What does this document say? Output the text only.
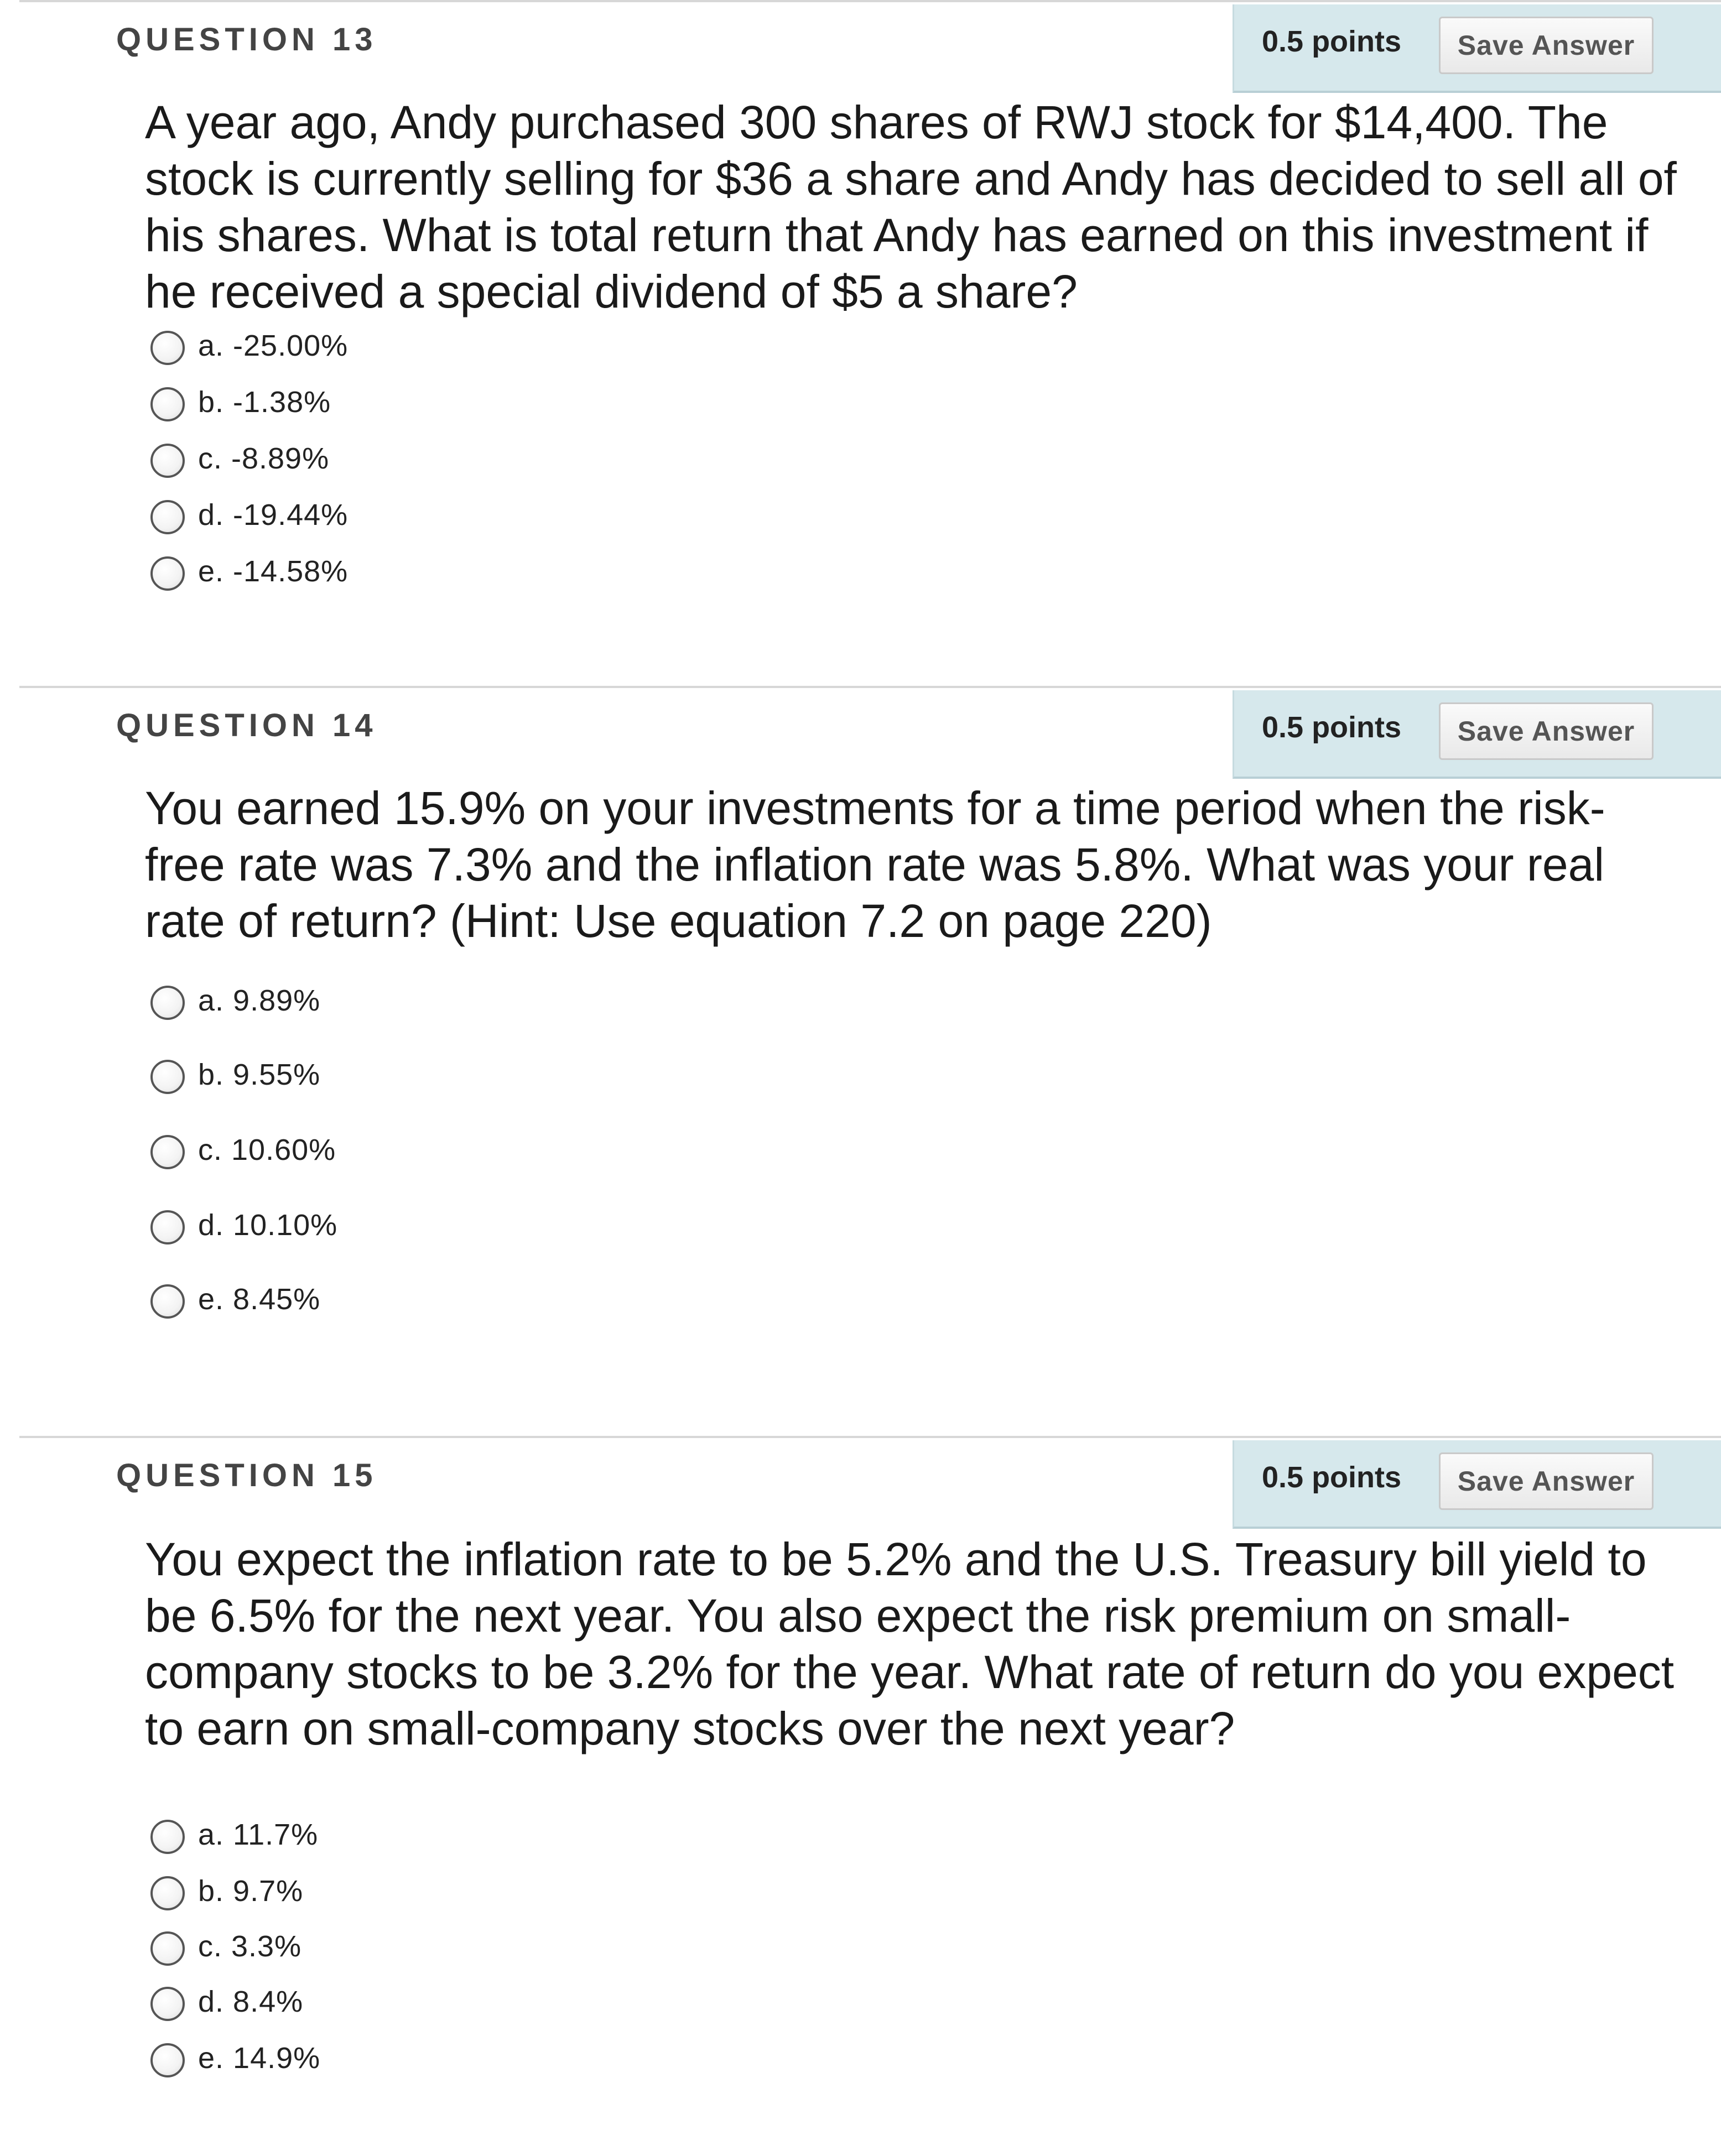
QUESTION 13	0.5 points	Save Answer

A year ago, Andy purchased 300 shares of RWJ stock for $14,400. The stock is currently selling for $36 a share and Andy has decided to sell all of his shares. What is total return that Andy has earned on this investment if he received a special dividend of $5 a share?

a. -25.00%
b. -1.38%
c. -8.89%
d. -19.44%
e. -14.58%
QUESTION 14	0.5 points	Save Answer

You earned 15.9% on your investments for a time period when the risk-free rate was 7.3% and the inflation rate was 5.8%. What was your real rate of return? (Hint: Use equation 7.2 on page 220)

a. 9.89%
b. 9.55%
c. 10.60%
d. 10.10%
e. 8.45%
QUESTION 15	0.5 points	Save Answer

You expect the inflation rate to be 5.2% and the U.S. Treasury bill yield to be 6.5% for the next year. You also expect the risk premium on small-company stocks to be 3.2% for the year. What rate of return do you expect to earn on small-company stocks over the next year?

a. 11.7%
b. 9.7%
c. 3.3%
d. 8.4%
e. 14.9%
